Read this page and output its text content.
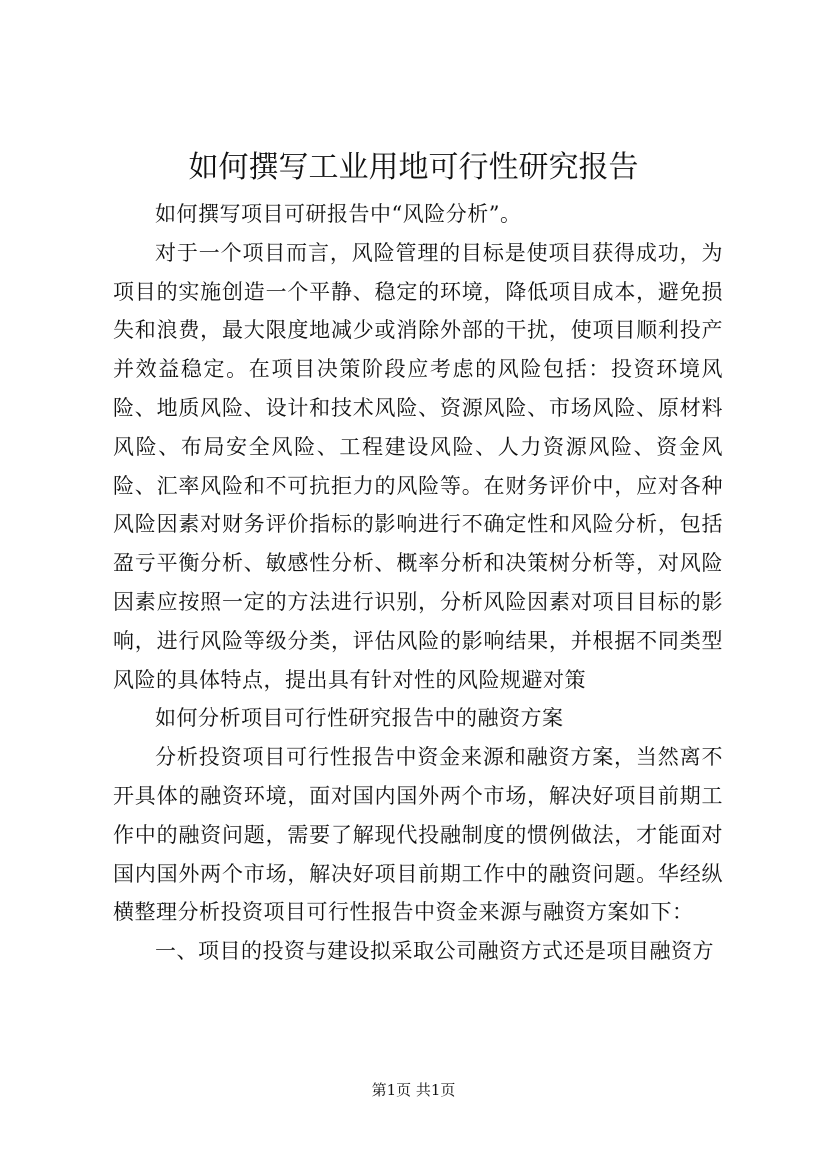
如何撰写工业用地可行性研究报告

如何撰写项目可研报告中“风险分析”。

对于一个项目而言，风险管理的目标是使项目获得成功，为项目的实施创造一个平静、稳定的环境，降低项目成本，避免损失和浪费，最大限度地减少或消除外部的干扰，使项目顺利投产并效益稳定。在项目决策阶段应考虑的风险包括：投资环境风险、地质风险、设计和技术风险、资源风险、市场风险、原材料风险、布局安全风险、工程建设风险、人力资源风险、资金风险、汇率风险和不可抗拒力的风险等。在财务评价中，应对各种风险因素对财务评价指标的影响进行不确定性和风险分析，包括盈亏平衡分析、敏感性分析、概率分析和决策树分析等，对风险因素应按照一定的方法进行识别，分析风险因素对项目目标的影响，进行风险等级分类，评估风险的影响结果，并根据不同类型风险的具体特点，提出具有针对性的风险规避对策

如何分析项目可行性研究报告中的融资方案

分析投资项目可行性报告中资金来源和融资方案，当然离不开具体的融资环境，面对国内国外两个市场，解决好项目前期工作中的融资问题，需要了解现代投融制度的惯例做法，才能面对国内国外两个市场，解决好项目前期工作中的融资问题。华经纵横整理分析投资项目可行性报告中资金来源与融资方案如下：

一、项目的投资与建设拟采取公司融资方式还是项目融资方

第1页 共1页
